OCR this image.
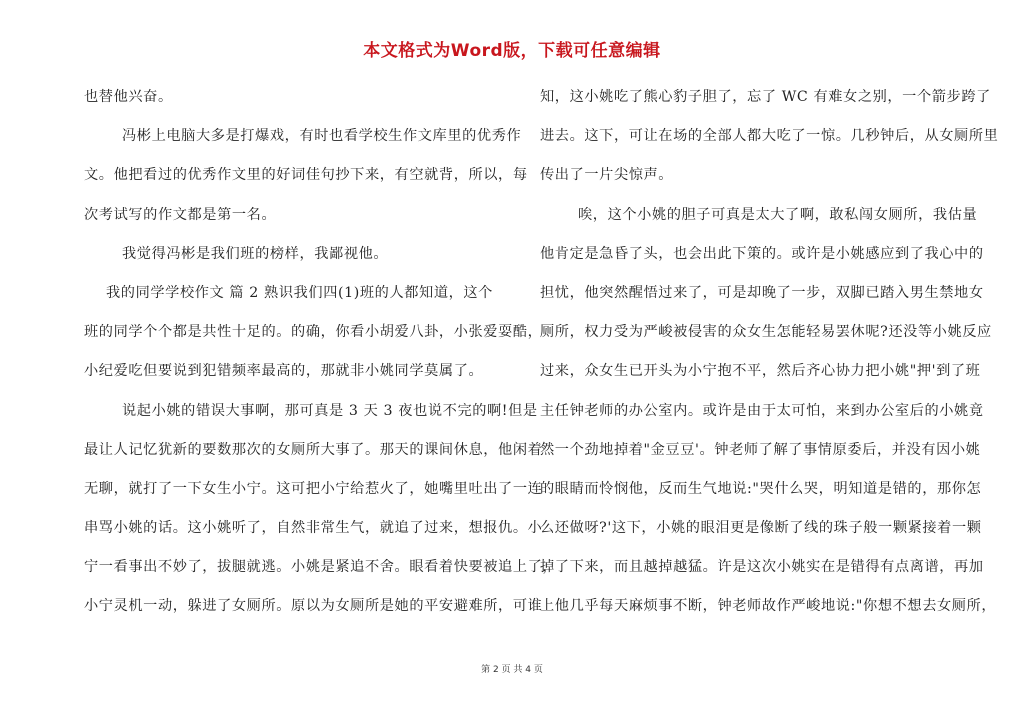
本文格式为Word版，下载可任意编辑
也替他兴奋。
冯彬上电脑大多是打爆戏，有时也看学校生作文库里的优秀作
文。他把看过的优秀作文里的好词佳句抄下来，有空就背，所以，每
次考试写的作文都是第一名。
我觉得冯彬是我们班的榜样，我鄙视他。
我的同学学校作文 篇 2 熟识我们四(1)班的人都知道，这个
班的同学个个都是共性十足的。的确，你看小胡爱八卦，小张爱耍酷，
小纪爱吃但要说到犯错频率最高的，那就非小姚同学莫属了。
说起小姚的错误大事啊，那可真是 3 天 3 夜也说不完的啊!但是
最让人记忆犹新的要数那次的女厕所大事了。那天的课间休息，他闲着
无聊，就打了一下女生小宁。这可把小宁给惹火了，她嘴里吐出了一连
串骂小姚的话。这小姚听了，自然非常生气，就追了过来，想报仇。小
宁一看事出不妙了，拔腿就逃。小姚是紧追不舍。眼看着快要被追上了，
小宁灵机一动，躲进了女厕所。原以为女厕所是她的平安避难所，可谁
知，这小姚吃了熊心豹子胆了，忘了 WC 有难女之别，一个箭步跨了
进去。这下，可让在场的全部人都大吃了一惊。几秒钟后，从女厕所里
传出了一片尖惊声。
唉，这个小姚的胆子可真是太大了啊，敢私闯女厕所，我估量
他肯定是急昏了头，也会出此下策的。或许是小姚感应到了我心中的
担忧，他突然醒悟过来了，可是却晚了一步，双脚已踏入男生禁地女
厕所，权力受为严峻被侵害的众女生怎能轻易罢休呢?还没等小姚反应
过来，众女生已开头为小宁抱不平，然后齐心协力把小姚"押'到了班
主任钟老师的办公室内。或许是由于太可怕，来到办公室后的小姚竟
然一个劲地掉着"金豆豆'。钟老师了解了事情原委后，并没有因小姚
的眼睛而怜悯他，反而生气地说:"哭什么哭，明知道是错的，那你怎
么还做呀?'这下，小姚的眼泪更是像断了线的珠子般一颗紧接着一颗
掉了下来，而且越掉越猛。许是这次小姚实在是错得有点离谱，再加
上他几乎每天麻烦事不断，钟老师故作严峻地说:"你想不想去女厕所，
第 2 页 共 4 页
